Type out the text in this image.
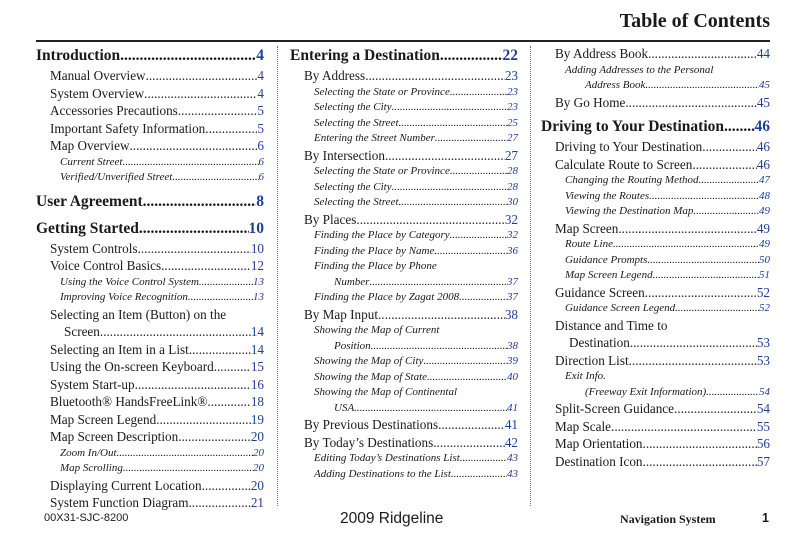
Table of Contents
Introduction .....	4
Manual Overview .....	4
System Overview .....	4
Accessories Precautions .....	5
Important Safety Information .....	5
Map Overview .....	6
Current Street .....	6
Verified/Unverified Street .....	6
User Agreement .....	8
Getting Started .....	10
System Controls .....	10
Voice Control Basics .....	12
Using the Voice Control System .....	13
Improving Voice Recognition .....	13
Selecting an Item (Button) on the
Screen .....	14
Selecting an Item in a List .....	14
Using the On-screen Keyboard .....	15
System Start-up .....	16
Bluetooth® HandsFreeLink® .....	18
Map Screen Legend .....	19
Map Screen Description .....	20
Zoom In/Out .....	20
Map Scrolling .....	20
Displaying Current Location .....	20
System Function Diagram .....	21
Entering a Destination .....	22
By Address .....	23
Selecting the State or Province .....	23
Selecting the City .....	23
Selecting the Street .....	25
Entering the Street Number .....	27
By Intersection .....	27
Selecting the State or Province .....	28
Selecting the City .....	28
Selecting the Street .....	30
By Places .....	32
Finding the Place by Category .....	32
Finding the Place by Name .....	36
Finding the Place by Phone
Number .....	37
Finding the Place by Zagat 2008 .....	37
By Map Input .....	38
Showing the Map of Current
Position .....	38
Showing the Map of City .....	39
Showing the Map of State .....	40
Showing the Map of Continental
USA .....	41
By Previous Destinations .....	41
By Today’s Destinations .....	42
Editing Today’s Destinations List .....	43
Adding Destinations to the List .....	43
By Address Book .....	44
Adding Addresses to the Personal
Address Book .....	45
By Go Home .....	45
Driving to Your Destination ..... 46
Driving to Your Destination .....	46
Calculate Route to Screen .....	46
Changing the Routing Method .....	47
Viewing the Routes .....	48
Viewing the Destination Map .....	49
Map Screen .....	49
Route Line .....	49
Guidance Prompts .....	50
Map Screen Legend .....	51
Guidance Screen .....	52
Guidance Screen Legend .....	52
Distance and Time to
Destination .....	53
Direction List .....	53
Exit Info.
(Freeway Exit Information) .....	54
Split-Screen Guidance .....	54
Map Scale .....	55
Map Orientation .....	56
Destination Icon .....	57
00X31-SJC-8200	2009 Ridgeline	Navigation System	1
